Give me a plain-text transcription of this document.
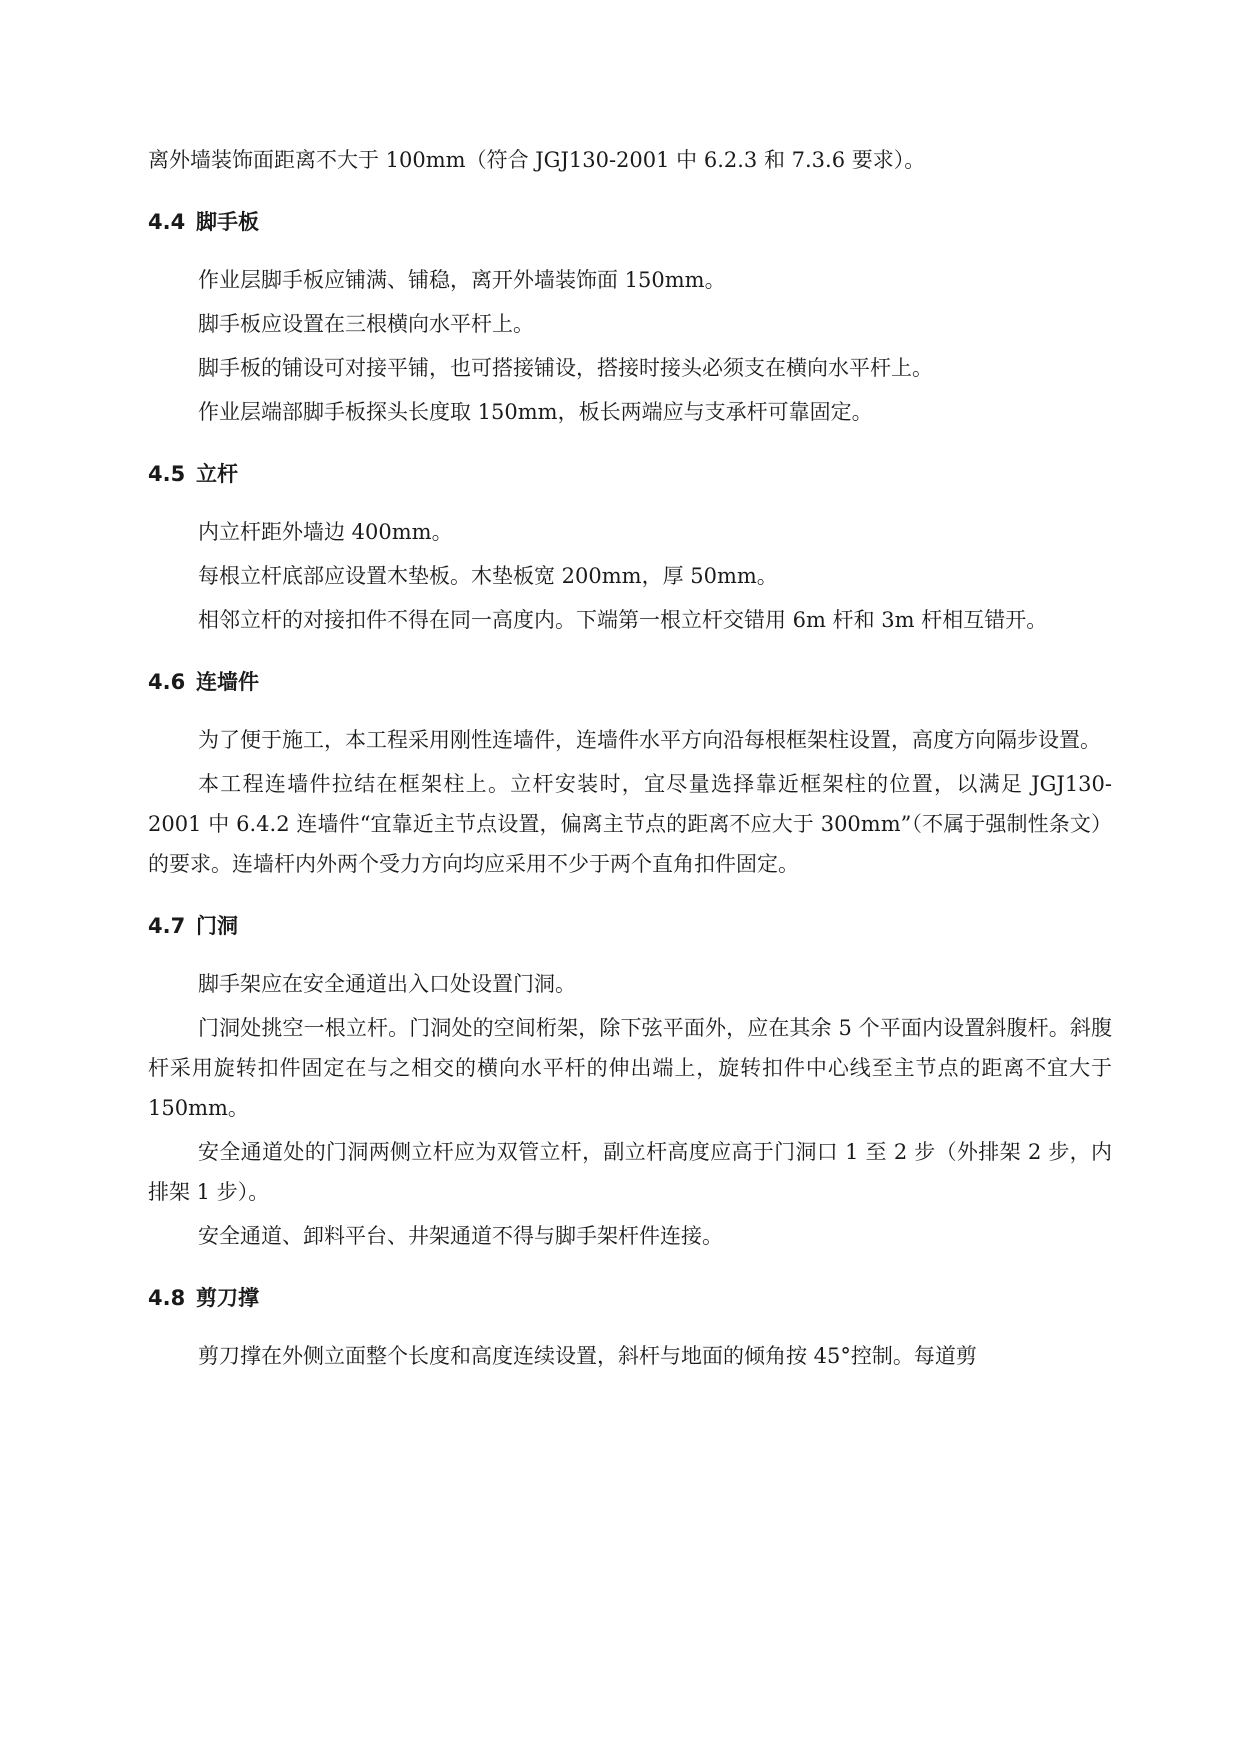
离外墙装饰面距离不大于 100mm（符合 JGJ130-2001 中 6.2.3 和 7.3.6 要求）。

4.4 脚手板

作业层脚手板应铺满、铺稳，离开外墙装饰面 150mm。

脚手板应设置在三根横向水平杆上。

脚手板的铺设可对接平铺，也可搭接铺设，搭接时接头必须支在横向水平杆上。

作业层端部脚手板探头长度取 150mm，板长两端应与支承杆可靠固定。

4.5 立杆

内立杆距外墙边 400mm。

每根立杆底部应设置木垫板。木垫板宽 200mm，厚 50mm。

相邻立杆的对接扣件不得在同一高度内。下端第一根立杆交错用 6m 杆和 3m 杆相互错开。

4.6 连墙件

为了便于施工，本工程采用刚性连墙件，连墙件水平方向沿每根框架柱设置，高度方向隔步设置。

本工程连墙件拉结在框架柱上。立杆安装时，宜尽量选择靠近框架柱的位置，以满足 JGJ130-2001 中 6.4.2 连墙件“宜靠近主节点设置，偏离主节点的距离不应大于 300mm”（不属于强制性条文）的要求。连墙杆内外两个受力方向均应采用不少于两个直角扣件固定。

4.7 门洞

脚手架应在安全通道出入口处设置门洞。

门洞处挑空一根立杆。门洞处的空间桁架，除下弦平面外，应在其余 5 个平面内设置斜腹杆。斜腹杆采用旋转扣件固定在与之相交的横向水平杆的伸出端上，旋转扣件中心线至主节点的距离不宜大于 150mm。

安全通道处的门洞两侧立杆应为双管立杆，副立杆高度应高于门洞口 1 至 2 步（外排架 2 步，内排架 1 步）。

安全通道、卸料平台、井架通道不得与脚手架杆件连接。

4.8 剪刀撑

剪刀撑在外侧立面整个长度和高度连续设置，斜杆与地面的倾角按 45°控制。每道剪
